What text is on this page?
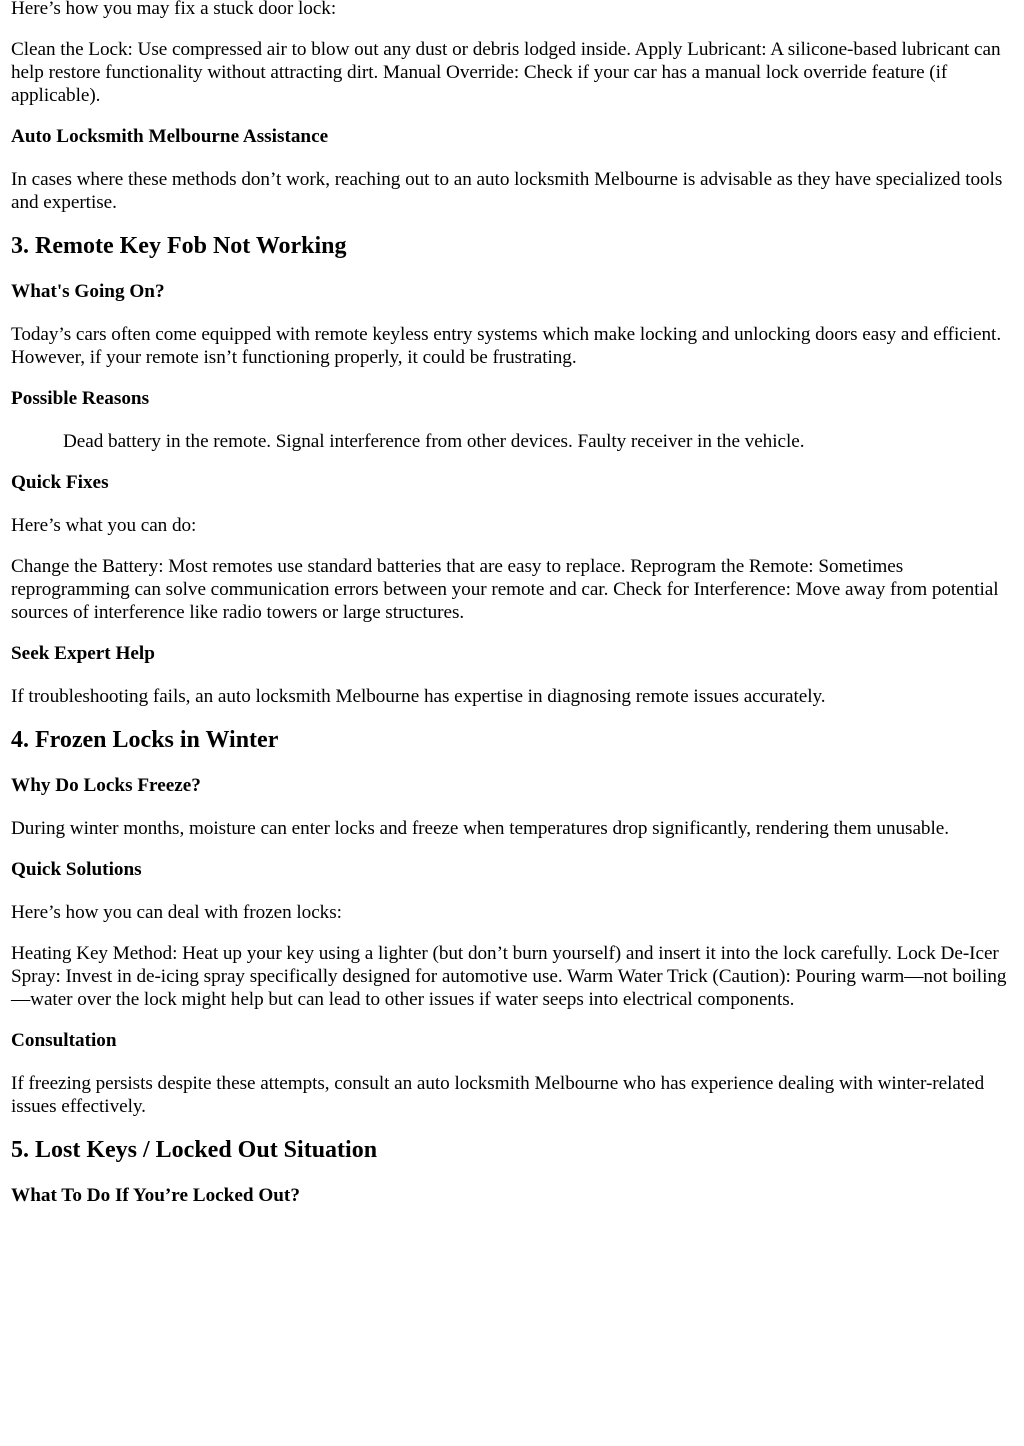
Here’s how you may fix a stuck door lock:

Clean the Lock: Use compressed air to blow out any dust or debris lodged inside. Apply Lubricant: A silicone-based lubricant can help restore functionality without attracting dirt. Manual Override: Check if your car has a manual lock override feature (if applicable).

Auto Locksmith Melbourne Assistance

In cases where these methods don’t work, reaching out to an auto locksmith Melbourne is advisable as they have specialized tools and expertise.

3. Remote Key Fob Not Working
What's Going On?

Today’s cars often come equipped with remote keyless entry systems which make locking and unlocking doors easy and efficient. However, if your remote isn’t functioning properly, it could be frustrating.

Possible Reasons

Dead battery in the remote. Signal interference from other devices. Faulty receiver in the vehicle.

Quick Fixes

Here’s what you can do:

Change the Battery: Most remotes use standard batteries that are easy to replace. Reprogram the Remote: Sometimes reprogramming can solve communication errors between your remote and car. Check for Interference: Move away from potential sources of interference like radio towers or large structures.

Seek Expert Help

If troubleshooting fails, an auto locksmith Melbourne has expertise in diagnosing remote issues accurately.

4. Frozen Locks in Winter
Why Do Locks Freeze?

During winter months, moisture can enter locks and freeze when temperatures drop significantly, rendering them unusable.

Quick Solutions

Here’s how you can deal with frozen locks:

Heating Key Method: Heat up your key using a lighter (but don’t burn yourself) and insert it into the lock carefully. Lock De-Icer Spray: Invest in de-icing spray specifically designed for automotive use. Warm Water Trick (Caution): Pouring warm—not boiling—water over the lock might help but can lead to other issues if water seeps into electrical components.

Consultation

If freezing persists despite these attempts, consult an auto locksmith Melbourne who has experience dealing with winter-related issues effectively.

5. Lost Keys / Locked Out Situation
What To Do If You’re Locked Out?
